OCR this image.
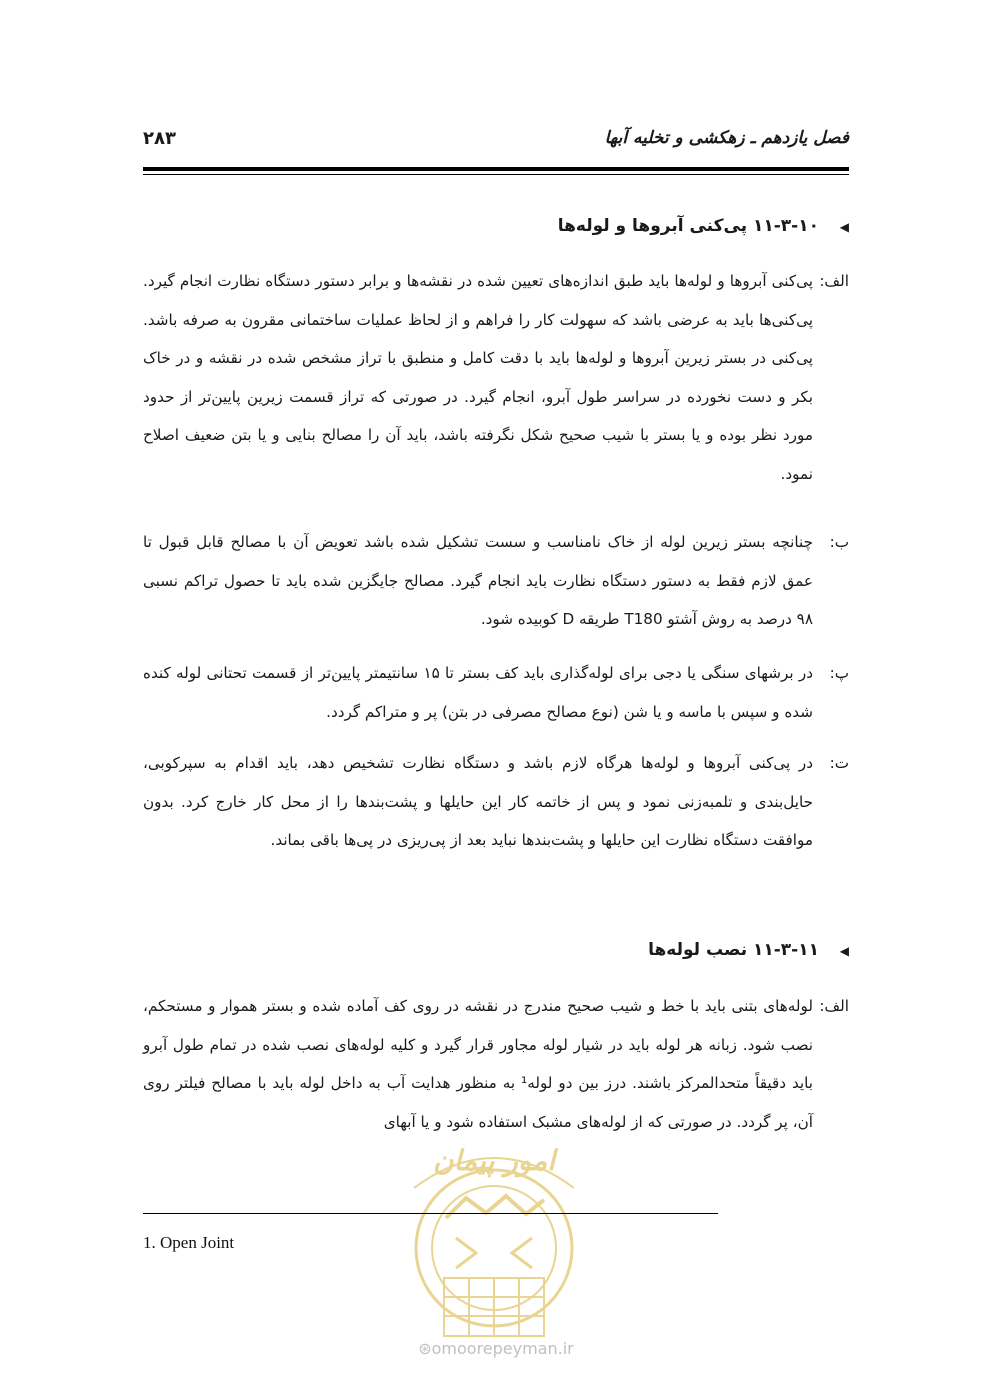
فصل یازدهم ـ زهکشی و تخلیه آبها
۲۸۳
◀۱۱-۳-۱۰ پی‌کنی آبروها و لوله‌ها
الف:
پی‌کنی آبروها و لوله‌ها باید طبق اندازه‌های تعیین شده در نقشه‌ها و برابر دستور دستگاه نظارت انجام گیرد. پی‌کنی‌ها باید به عرضی باشد که سهولت کار را فراهم و از لحاظ عملیات ساختمانی مقرون به صرفه باشد. پی‌کنی در بستر زیرین آبروها و لوله‌ها باید با دقت کامل و منطبق با تراز مشخص شده در نقشه و در خاک بکر و دست نخورده در سراسر طول آبرو، انجام گیرد. در صورتی که تراز قسمت زیرین پایین‌تر از حدود مورد نظر بوده و یا بستر با شیب صحیح شکل نگرفته باشد، باید آن را مصالح بنایی و یا بتن ضعیف اصلاح نمود.
ب:
چنانچه بستر زیرین لوله از خاک نامناسب و سست تشکیل شده باشد تعویض آن با مصالح قابل قبول تا عمق لازم فقط به دستور دستگاه نظارت باید انجام گیرد. مصالح جایگزین شده باید تا حصول تراکم نسبی ۹۸ درصد به روش آشتو T180 طریقه D کوبیده شود.
پ:
در برشهای سنگی یا دجی برای لوله‌گذاری باید کف بستر تا ۱۵ سانتیمتر پایین‌تر از قسمت تحتانی لوله کنده شده و سپس با ماسه و یا شن (نوع مصالح مصرفی در بتن) پر و متراکم گردد.
ت:
در پی‌کنی آبروها و لوله‌ها هرگاه لازم باشد و دستگاه نظارت تشخیص دهد، باید اقدام به سپرکوبی، حایل‌بندی و تلمبه‌زنی نمود و پس از خاتمه کار این حایلها و پشت‌بندها را از محل کار خارج کرد. بدون موافقت دستگاه نظارت این حایلها و پشت‌بندها نباید بعد از پی‌ریزی در پی‌ها باقی بماند.
◀۱۱-۳-۱۱ نصب لوله‌ها
الف:
لوله‌های بتنی باید با خط و شیب صحیح مندرج در نقشه در روی کف آماده شده و بستر هموار و مستحکم، نصب شود. زبانه هر لوله باید در شیار لوله مجاور قرار گیرد و کلیه لوله‌های نصب شده در تمام طول آبرو باید دقیقاً متحدالمرکز باشند. درز بین دو لوله¹ به منظور هدایت آب به داخل لوله باید با مصالح فیلتر روی آن، پر گردد. در صورتی که از لوله‌های مشبک استفاده شود و یا آبهای
امور پیمان
⊛omoorepeyman.ir
1. Open Joint
